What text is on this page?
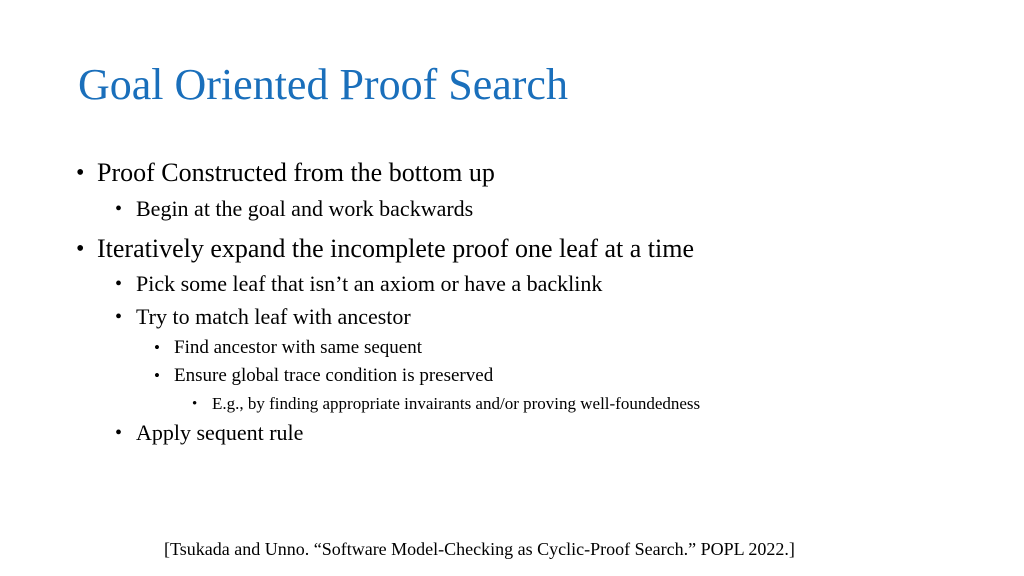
Goal Oriented Proof Search
• Proof Constructed from the bottom up
• Begin at the goal and work backwards
• Iteratively expand the incomplete proof one leaf at a time
• Pick some leaf that isn’t an axiom or have a backlink
• Try to match leaf with ancestor
• Find ancestor with same sequent
• Ensure global trace condition is preserved
• E.g., by finding appropriate invairants and/or proving well-foundedness
• Apply sequent rule
[Tsukada and Unno. “Software Model-Checking as Cyclic-Proof Search.” POPL 2022.]
